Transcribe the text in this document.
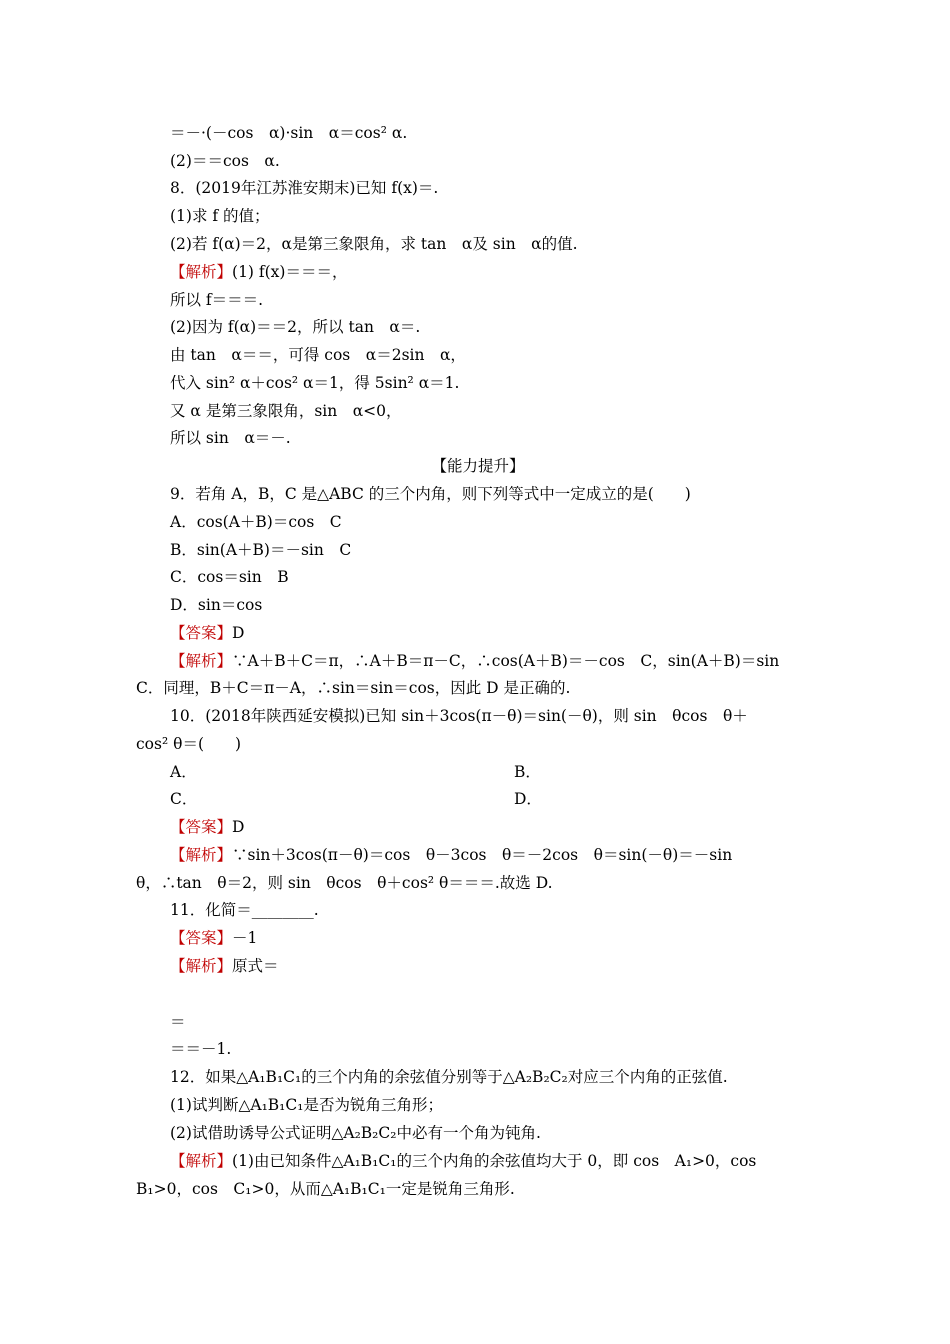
＝－·(－cos　α)·sin　α＝cos² α.
(2)＝＝cos　α.
8．(2019年江苏淮安期末)已知 f(x)＝.
(1)求 f 的值；
(2)若 f(α)＝2，α是第三象限角，求 tan　α及 sin　α的值.
【解析】(1) f(x)＝＝＝，
所以 f＝＝＝.
(2)因为 f(α)＝＝2，所以 tan　α＝.
由 tan　α＝＝，可得 cos　α＝2sin　α，
代入 sin² α＋cos² α＝1，得 5sin² α＝1.
又 α 是第三象限角，sin　α<0，
所以 sin　α＝－.
【能力提升】
9．若角 A，B，C 是△ABC 的三个内角，则下列等式中一定成立的是(　　)
A．cos(A＋B)＝cos　C
B．sin(A＋B)＝－sin　C
C．cos＝sin　B
D．sin＝cos
【答案】D
【解析】∵A＋B＋C＝π，∴A＋B＝π－C，∴cos(A＋B)＝－cos　C，sin(A＋B)＝sin
C．同理，B＋C＝π－A，∴sin＝sin＝cos，因此 D 是正确的.
10．(2018年陕西延安模拟)已知 sin＋3cos(π－θ)＝sin(－θ)，则 sin　θcos　θ＋
cos² θ＝(　　)
A．	B．
C．	D．
【答案】D
【解析】∵sin＋3cos(π－θ)＝cos　θ－3cos　θ＝－2cos　θ＝sin(－θ)＝－sin
θ，∴tan　θ＝2，则 sin　θcos　θ＋cos² θ＝＝＝.故选 D.
11．化简＝________.
【答案】－1
【解析】原式＝
＝
＝＝－1.
12．如果△A₁B₁C₁的三个内角的余弦值分别等于△A₂B₂C₂对应三个内角的正弦值.
(1)试判断△A₁B₁C₁是否为锐角三角形；
(2)试借助诱导公式证明△A₂B₂C₂中必有一个角为钝角.
【解析】(1)由已知条件△A₁B₁C₁的三个内角的余弦值均大于 0，即 cos　A₁>0，cos
B₁>0，cos　C₁>0，从而△A₁B₁C₁一定是锐角三角形.
